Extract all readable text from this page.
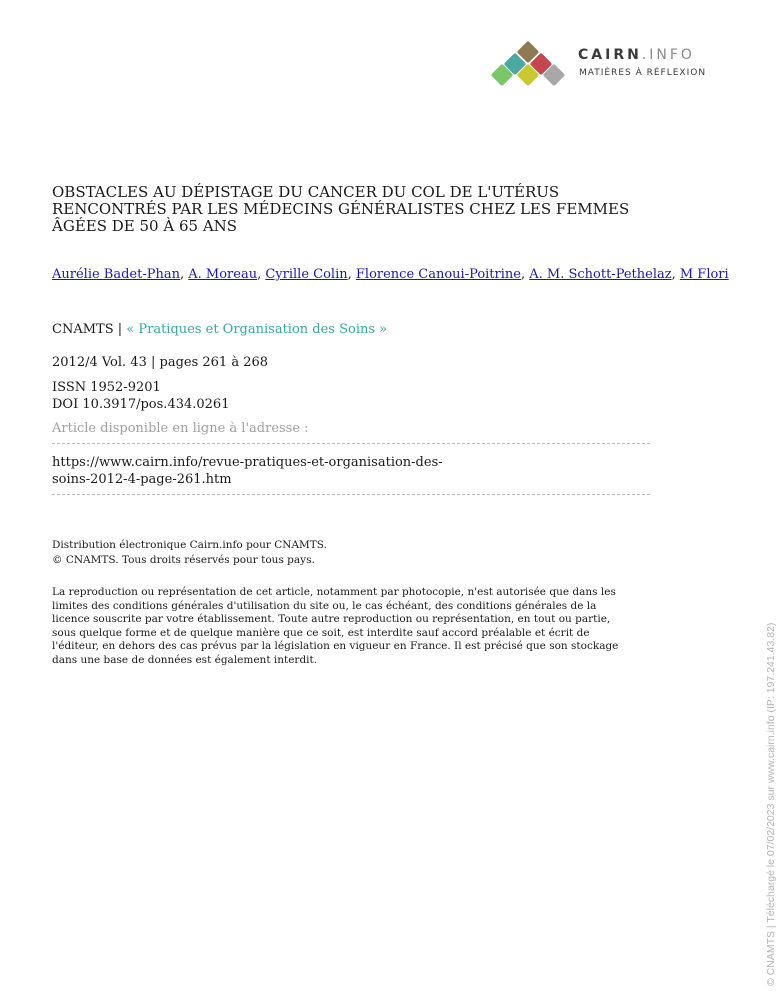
CAIRN.INFO
MATIÈRES À RÉFLEXION
OBSTACLES AU DÉPISTAGE DU CANCER DU COL DE L'UTÉRUS
RENCONTRÉS PAR LES MÉDECINS GÉNÉRALISTES CHEZ LES FEMMES
ÂGÉES DE 50 À 65 ANS
Aurélie Badet-Phan, A. Moreau, Cyrille Colin, Florence Canoui-Poitrine, A. M. Schott-Pethelaz, M Flori
CNAMTS | « Pratiques et Organisation des Soins »
2012/4 Vol. 43 | pages 261 à 268
ISSN 1952-9201
DOI 10.3917/pos.434.0261
Article disponible en ligne à l'adresse :
https://www.cairn.info/revue-pratiques-et-organisation-des-
soins-2012-4-page-261.htm
Distribution électronique Cairn.info pour CNAMTS.
© CNAMTS. Tous droits réservés pour tous pays.
La reproduction ou représentation de cet article, notamment par photocopie, n'est autorisée que dans les
limites des conditions générales d'utilisation du site ou, le cas échéant, des conditions générales de la
licence souscrite par votre établissement. Toute autre reproduction ou représentation, en tout ou partie,
sous quelque forme et de quelque manière que ce soit, est interdite sauf accord préalable et écrit de
l'éditeur, en dehors des cas prévus par la législation en vigueur en France. Il est précisé que son stockage
dans une base de données est également interdit.	© CNAMTS | Téléchargé le 07/02/2023 sur www.cairn.info (IP: 197.241.43.82)
